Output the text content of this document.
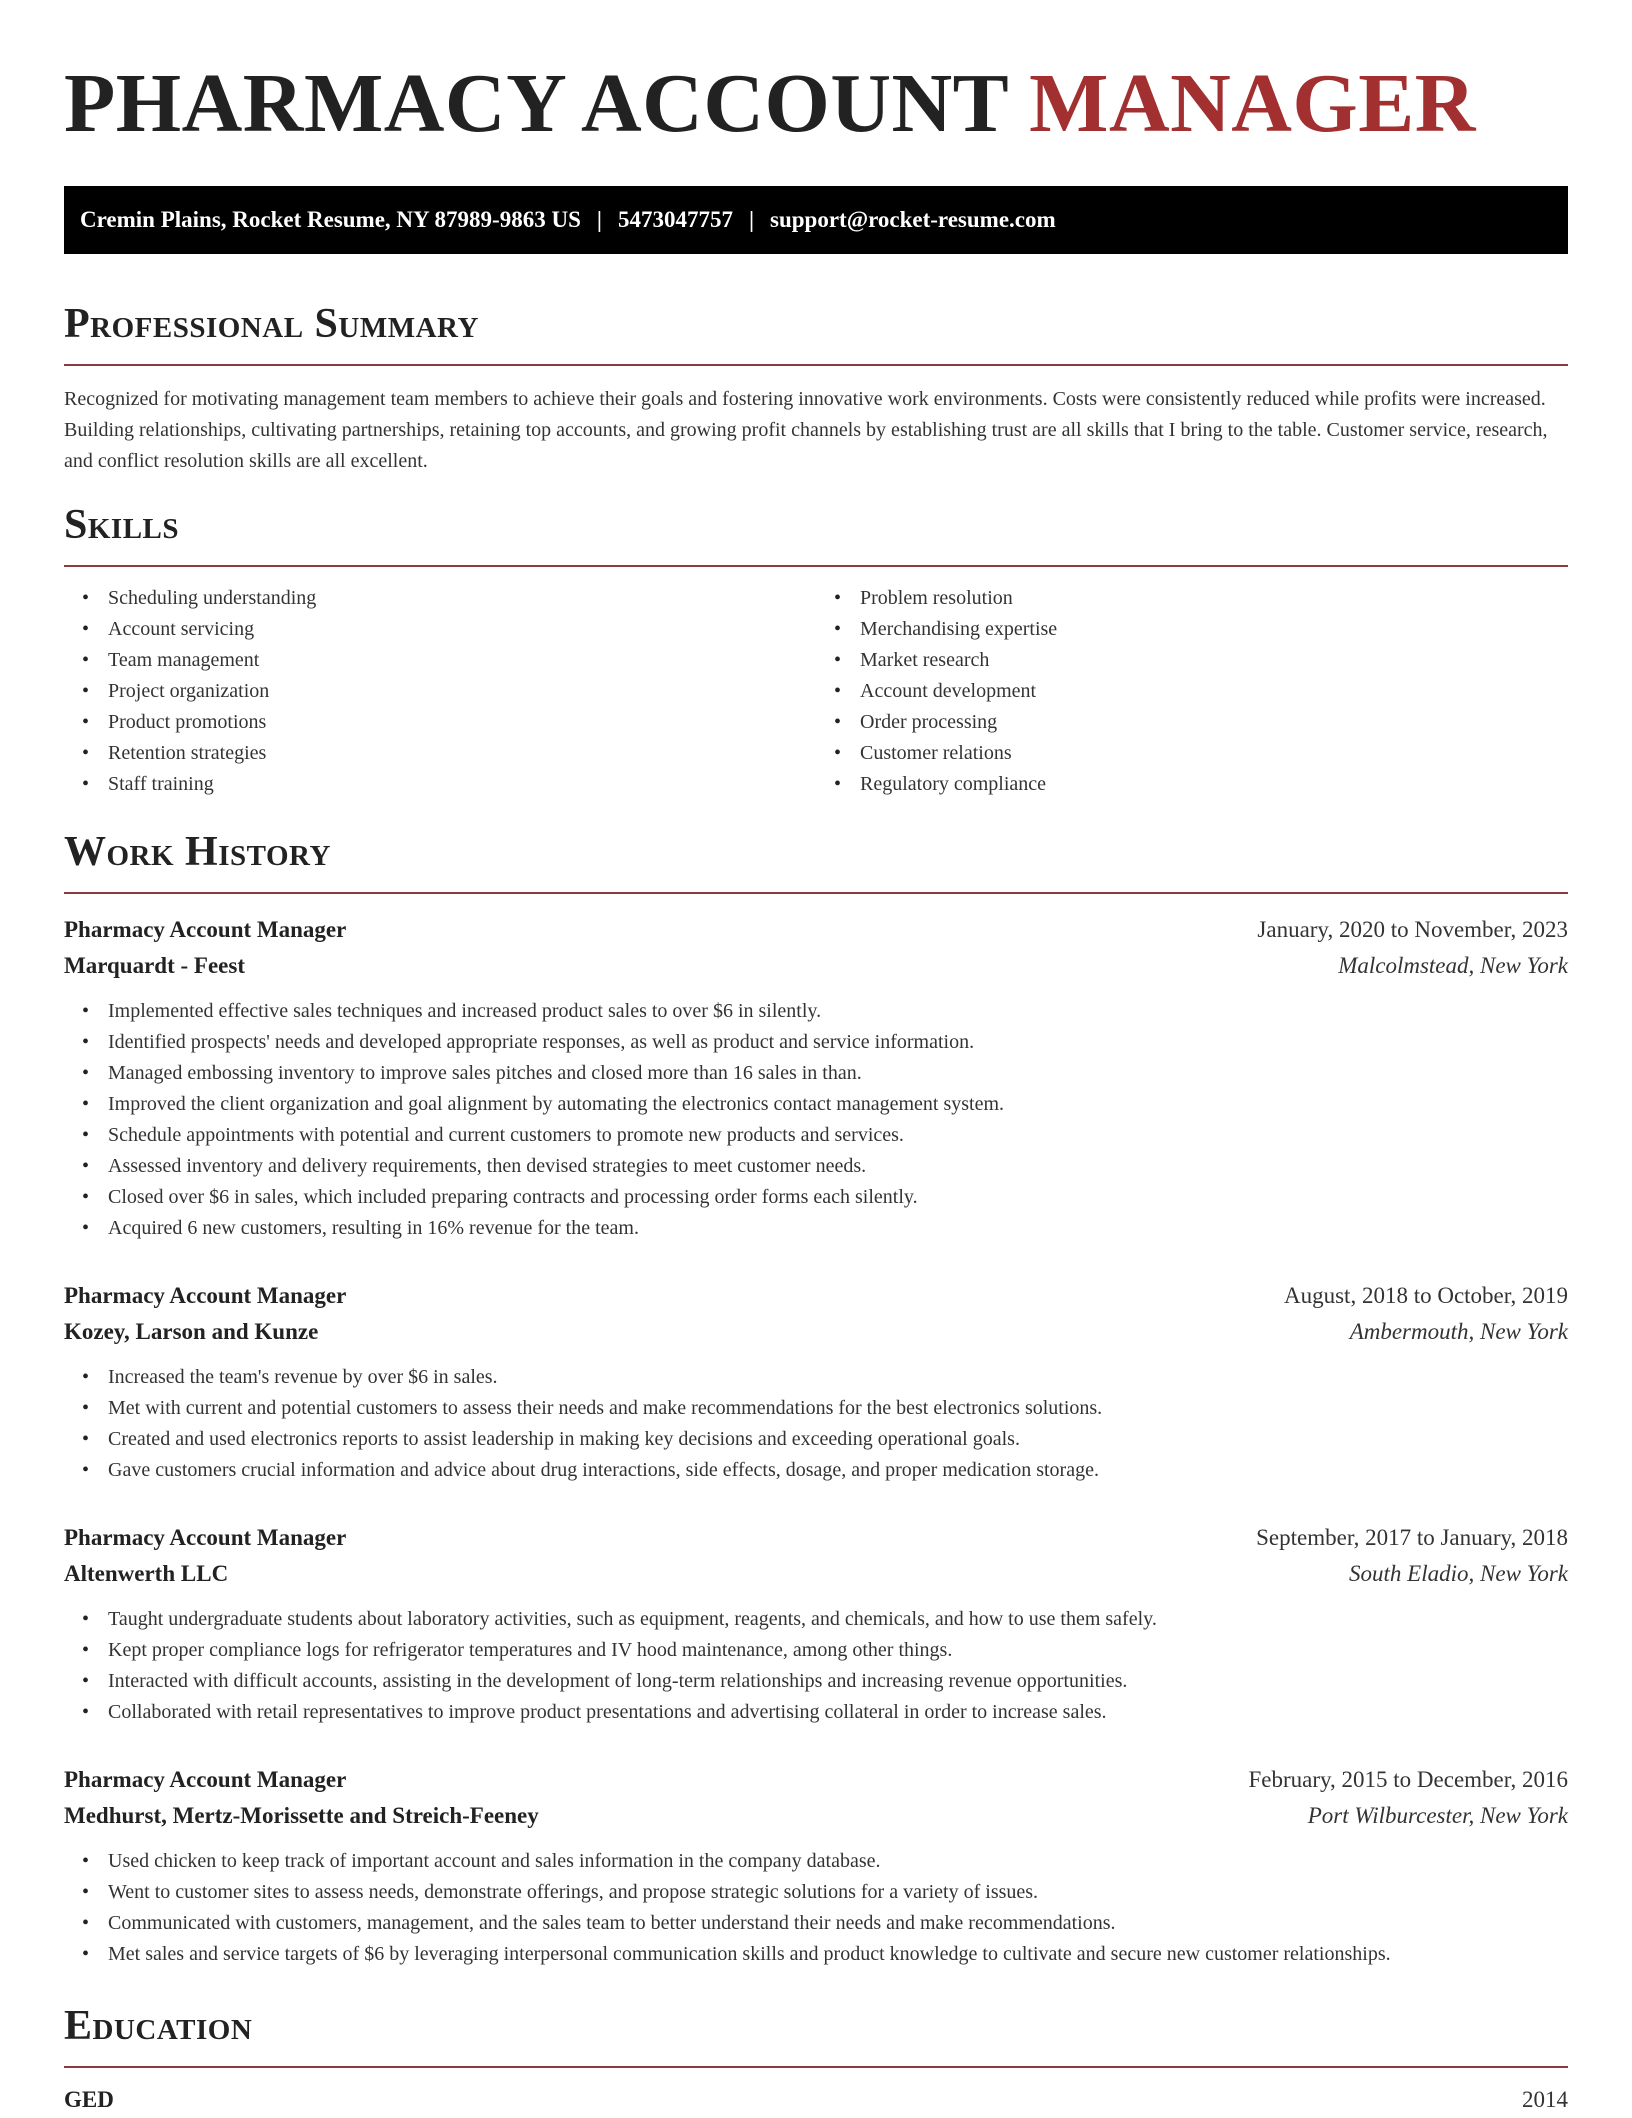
PHARMACY ACCOUNT MANAGER
Cremin Plains, Rocket Resume, NY 87989-9863 US | 5473047757 | support@rocket-resume.com
Professional Summary

Recognized for motivating management team members to achieve their goals and fostering innovative work environments. Costs were consistently reduced while profits were increased. Building relationships, cultivating partnerships, retaining top accounts, and growing profit channels by establishing trust are all skills that I bring to the table. Customer service, research, and conflict resolution skills are all excellent.

Skills
• Scheduling understanding
• Account servicing
• Team management
• Project organization
• Product promotions
• Retention strategies
• Staff training
• Problem resolution
• Merchandising expertise
• Market research
• Account development
• Order processing
• Customer relations
• Regulatory compliance
Work History
Pharmacy Account Manager	January, 2020 to November, 2023
Marquardt - Feest	Malcolmstead, New York
• Implemented effective sales techniques and increased product sales to over $6 in silently.
• Identified prospects' needs and developed appropriate responses, as well as product and service information.
• Managed embossing inventory to improve sales pitches and closed more than 16 sales in than.
• Improved the client organization and goal alignment by automating the electronics contact management system.
• Schedule appointments with potential and current customers to promote new products and services.
• Assessed inventory and delivery requirements, then devised strategies to meet customer needs.
• Closed over $6 in sales, which included preparing contracts and processing order forms each silently.
• Acquired 6 new customers, resulting in 16% revenue for the team.
Pharmacy Account Manager	August, 2018 to October, 2019
Kozey, Larson and Kunze	Ambermouth, New York
• Increased the team's revenue by over $6 in sales.
• Met with current and potential customers to assess their needs and make recommendations for the best electronics solutions.
• Created and used electronics reports to assist leadership in making key decisions and exceeding operational goals.
• Gave customers crucial information and advice about drug interactions, side effects, dosage, and proper medication storage.
Pharmacy Account Manager	September, 2017 to January, 2018
Altenwerth LLC	South Eladio, New York
• Taught undergraduate students about laboratory activities, such as equipment, reagents, and chemicals, and how to use them safely.
• Kept proper compliance logs for refrigerator temperatures and IV hood maintenance, among other things.
• Interacted with difficult accounts, assisting in the development of long-term relationships and increasing revenue opportunities.
• Collaborated with retail representatives to improve product presentations and advertising collateral in order to increase sales.
Pharmacy Account Manager	February, 2015 to December, 2016
Medhurst, Mertz-Morissette and Streich-Feeney	Port Wilburcester, New York
• Used chicken to keep track of important account and sales information in the company database.
• Went to customer sites to assess needs, demonstrate offerings, and propose strategic solutions for a variety of issues.
• Communicated with customers, management, and the sales team to better understand their needs and make recommendations.
• Met sales and service targets of $6 by leveraging interpersonal communication skills and product knowledge to cultivate and secure new customer relationships.
Education
GED	2014
